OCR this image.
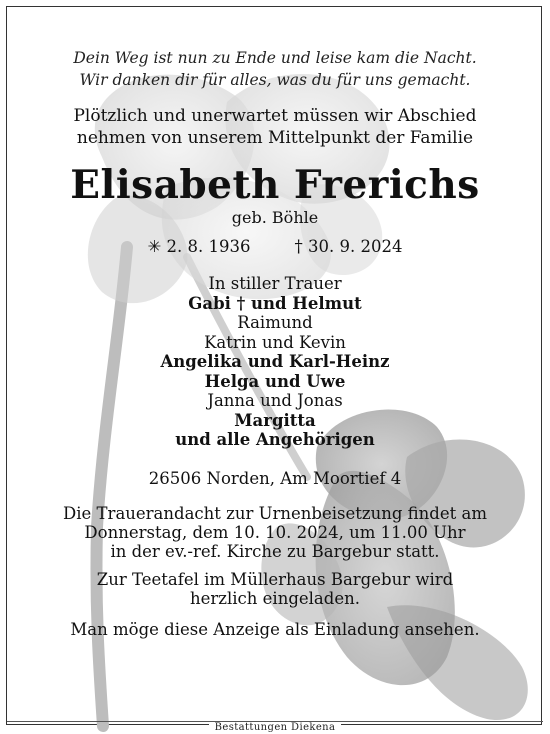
Dein Weg ist nun zu Ende und leise kam die Nacht.
Wir danken dir für alles, was du für uns gemacht.
Plötzlich und unerwartet müssen wir Abschied
nehmen von unserem Mittelpunkt der Familie
Elisabeth Frerichs
geb. Böhle
✳ 2. 8. 1936	† 30. 9. 2024
In stiller Trauer
Gabi † und Helmut
Raimund
Katrin und Kevin
Angelika und Karl-Heinz
Helga und Uwe
Janna und Jonas
Margitta
und alle Angehörigen
26506 Norden, Am Moortief 4
Die Trauerandacht zur Urnenbeisetzung findet am
Donnerstag, dem 10. 10. 2024, um 11.00 Uhr
in der ev.-ref. Kirche zu Bargebur statt.
Zur Teetafel im Müllerhaus Bargebur wird
herzlich eingeladen.
Man möge diese Anzeige als Einladung ansehen.
Bestattungen Diekena
